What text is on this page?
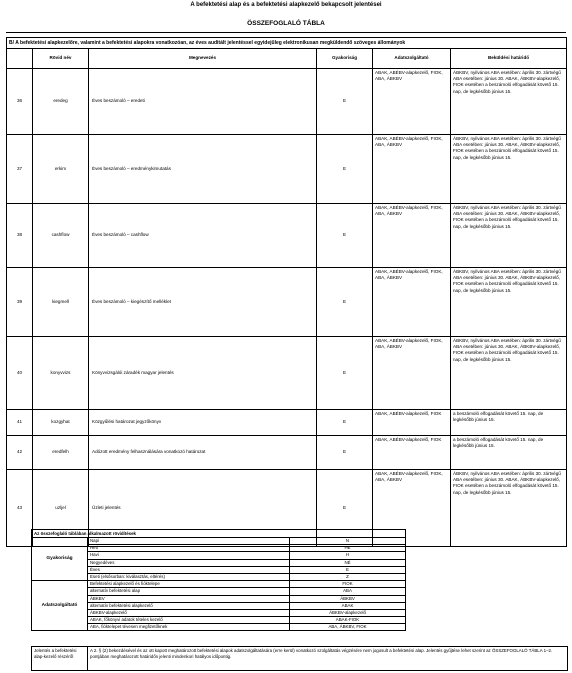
A befektetési alap és a befektetési alapkezelő bekapcsolt jelentései
ÖSSZEFOGLALÓ TÁBLA
B/ A befektetési alapkezelőre, valamint a befektetési alapokra vonatkozóan, az éves auditált jelentéssel egyidejűleg elektronikusan megküldendő szöveges állományok					
	Rövid név	Megnevezés	Gyakoriság	Adatszolgáltató	Beküldési határidő
36	eredeg	Éves beszámoló – eredeti	E	ABAK, ABÉBV-alapkezelő, FIOK, ABA, ÁBKBV	ÁBKBV, nyilvános ABA esetében: április 30. zártvégű ABA esetében: június 30. ABAK, ÁBKBV-alapkezelő, FIOK esetében a beszámoló elfogadását követő 15. nap, de legkésőbb június 15.
37	erkim	Éves beszámoló – eredménykimutatás	E	ABAK, ABÉBV-alapkezelő, FIOK, ABA, ÁBKBV	ÁBKBV, nyilvános ABA esetében: április 30. zártvégű ABA esetében: június 30. ABAK, ÁBKBV-alapkezelő, FIOK esetében a beszámoló elfogadását követő 15. nap, de legkésőbb június 15.
38	cashflow	Éves beszámoló – cashflow	E	ABAK, ABÉBV-alapkezelő, FIOK, ABA, ÁBKBV	ÁBKBV, nyilvános ABA esetében: április 30. zártvégű ABA esetében: június 30. ABAK, ÁBKBV-alapkezelő, FIOK esetében a beszámoló elfogadását követő 15. nap, de legkésőbb június 15.
39	kiegmell	Éves beszámoló – kiegészítő melléklet	E	ABAK, ABÉBV-alapkezelő, FIOK, ABA, ÁBKBV	ÁBKBV, nyilvános ABA esetében: április 30. zártvégű ABA esetében: június 30. ABAK, ÁBKBV-alapkezelő, FIOK esetében a beszámoló elfogadását követő 15. nap, de legkésőbb június 15.
40	konyvvizs	Könyvvizsgálói záradék magyar jelentés	E	ABAK, ABÉBV-alapkezelő, FIOK, ABA, ÁBKBV	ÁBKBV, nyilvános ABA esetében: április 30. zártvégű ABA esetében: június 30. ABAK, ÁBKBV-alapkezelő, FIOK esetében a beszámoló elfogadását követő 15. nap, de legkésőbb június 15.
41	kozgyhat	Közgyűlési határozat jegyzőkönyv	E	ABAK, ABÉBV-alapkezelő, FIOK	a beszámoló elfogadását követő 15. nap, de legkésőbb június 15.
42	eredfelh	Adózott eredmény felhasználására vonatkozó határozat	E	ABAK, ABÉBV-alapkezelő, FIOK	a beszámoló elfogadását követő 15. nap, de legkésőbb június 15.
43	uzljel	Üzleti jelentés	E	ABAK, ABÉBV-alapkezelő, FIOK, ABA, ÁBKBV	ÁBKBV, nyilvános ABA esetében: április 30. zártvégű ABA esetében: június 30. ABAK, ÁBKBV-alapkezelő, FIOK esetében a beszámoló elfogadását követő 15. nap, de legkésőbb június 15.
Az összefoglaló táblában alkalmazott rövidítések		
Gyakoriság	Napi	N
	Heti	HE
	Havi	H
	Negyedéves	NÉ
	Éves	E
	Eseti (elsősorban: kiválasztás, eltérés)	Z
Adatszolgáltató	Befektetési alapkezelő és fióktelepe	FIOK
	alternatív befektetési alap	ABA
	ÁBKBV	ÁBKBV
	alternatív befektetési alapkezelő	ABAK
	ÁBKBV-alapkezelő	ÁBKBV-alapkezelő
	ABAK, főkönyvi adatok tételes kezelő	ABAK-FIOK
	ABA, fióktelepet tévesen megfizetőknek	ABA, ÁBKBV, FIOK
Jelentés a befektetési alap-kezelő részéről	A 2. § (2) bekezdésével és az ott kapott meghatározott befektetési alapok adatszolgáltatására (erre kerül) vonatkozó szolgáltatás végzésére nem jogosult a befektetési alap. Jelentés gyűjtése lehet szerint az ÖSSZEFOGLALÓ TÁBLA 1–2. pontjában meghatározott határidőn jelenti mindenkori hatályos időpontig.
